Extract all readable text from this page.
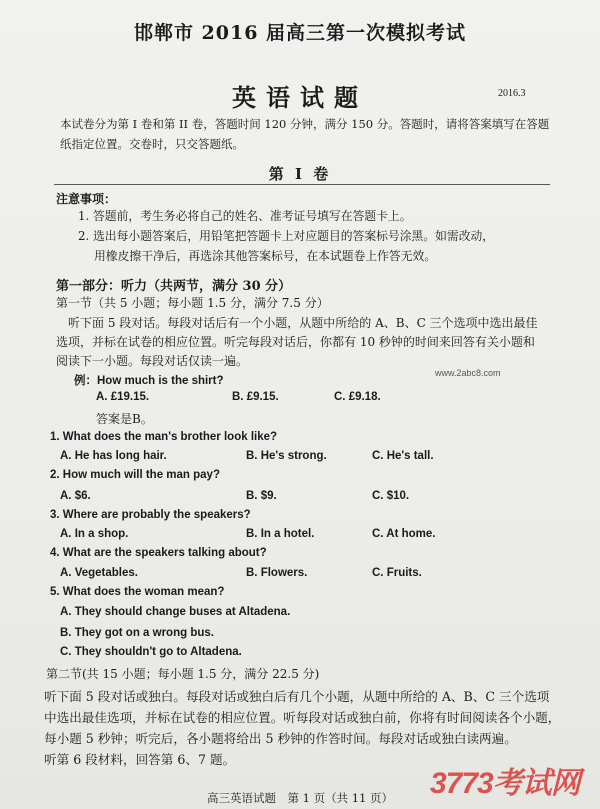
邯郸市 2016 届高三第一次模拟考试
英语试题	2016.3
本试卷分为第 I 卷和第 II 卷，答题时间 120 分钟，满分 150 分。答题时，请将答案填写在答题纸指定位置。交卷时，只交答题纸。
第 I 卷
注意事项：
1. 答题前，考生务必将自己的姓名、准考证号填写在答题卡上。
2. 选出每小题答案后，用铅笔把答题卡上对应题目的答案标号涂黑。如需改动，
用橡皮擦干净后，再选涂其他答案标号，在本试题卷上作答无效。
第一部分：听力（共两节，满分 30 分）
第一节（共 5 小题；每小题 1.5 分，满分 7.5 分）
听下面 5 段对话。每段对话后有一个小题，从题中所给的 A、B、C 三个选项中选出最佳
选项，并标在试卷的相应位置。听完每段对话后，你都有 10 秒钟的时间来回答有关小题和
阅读下一小题。每段对话仅读一遍。
例：How much is the shirt?
www.2abc8.com
A. £19.15.	B. £9.15.	C. £9.18.
答案是B。
1. What does the man's brother look like?
A. He has long hair.	B. He's strong.	C. He's tall.
2. How much will the man pay?
A. $6.	B. $9.	C. $10.
3. Where are probably the speakers?
A. In a shop.	B. In a hotel.	C. At home.
4. What are the speakers talking about?
A. Vegetables.	B. Flowers.	C. Fruits.
5. What does the woman mean?
A. They should change buses at Altadena.
B. They got on a wrong bus.
C. They shouldn't go to Altadena.
第二节(共 15 小题；每小题 1.5 分，满分 22.5 分)
听下面 5 段对话或独白。每段对话或独白后有几个小题，从题中所给的 A、B、C 三个选项
中选出最佳选项，并标在试卷的相应位置。听每段对话或独白前，你将有时间阅读各个小题，
每小题 5 秒钟；听完后，各小题将给出 5 秒钟的作答时间。每段对话或独白读两遍。
听第 6 段材料，回答第 6、7 题。
3773考试网
高三英语试题　第 1 页（共 11 页）
